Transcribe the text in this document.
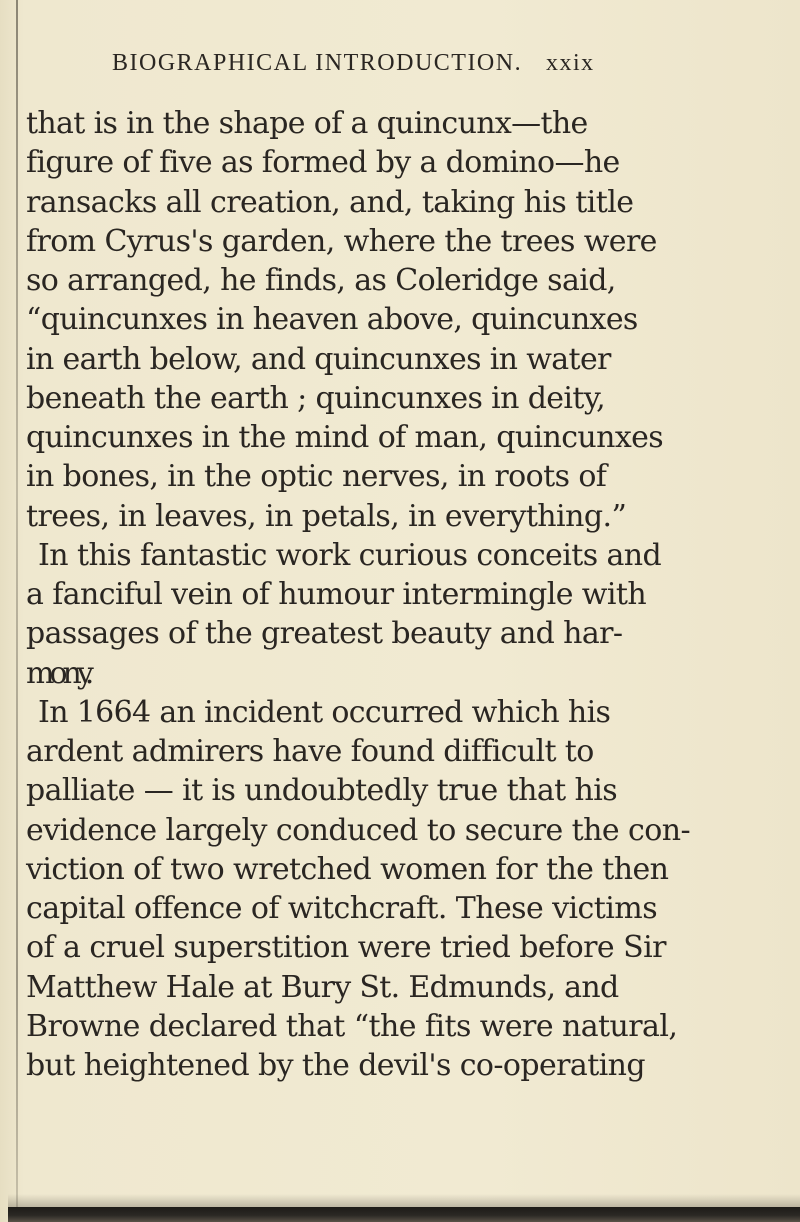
BIOGRAPHICAL INTRODUCTION. xxix
that is in the shape of a quincunx—the
figure of five as formed by a domino—he
ransacks all creation, and, taking his title
from Cyrus's garden, where the trees were
so arranged, he finds, as Coleridge said,
“quincunxes in heaven above, quincunxes
in earth below, and quincunxes in water
beneath the earth ; quincunxes in deity,
quincunxes in the mind of man, quincunxes
in bones, in the optic nerves, in roots of
trees, in leaves, in petals, in everything.”
In this fantastic work curious conceits and
a fanciful vein of humour intermingle with
passages of the greatest beauty and har-
mony.
In 1664 an incident occurred which his
ardent admirers have found difficult to
palliate — it is undoubtedly true that his
evidence largely conduced to secure the con-
viction of two wretched women for the then
capital offence of witchcraft. These victims
of a cruel superstition were tried before Sir
Matthew Hale at Bury St. Edmunds, and
Browne declared that “the fits were natural,
but heightened by the devil's co-operating
